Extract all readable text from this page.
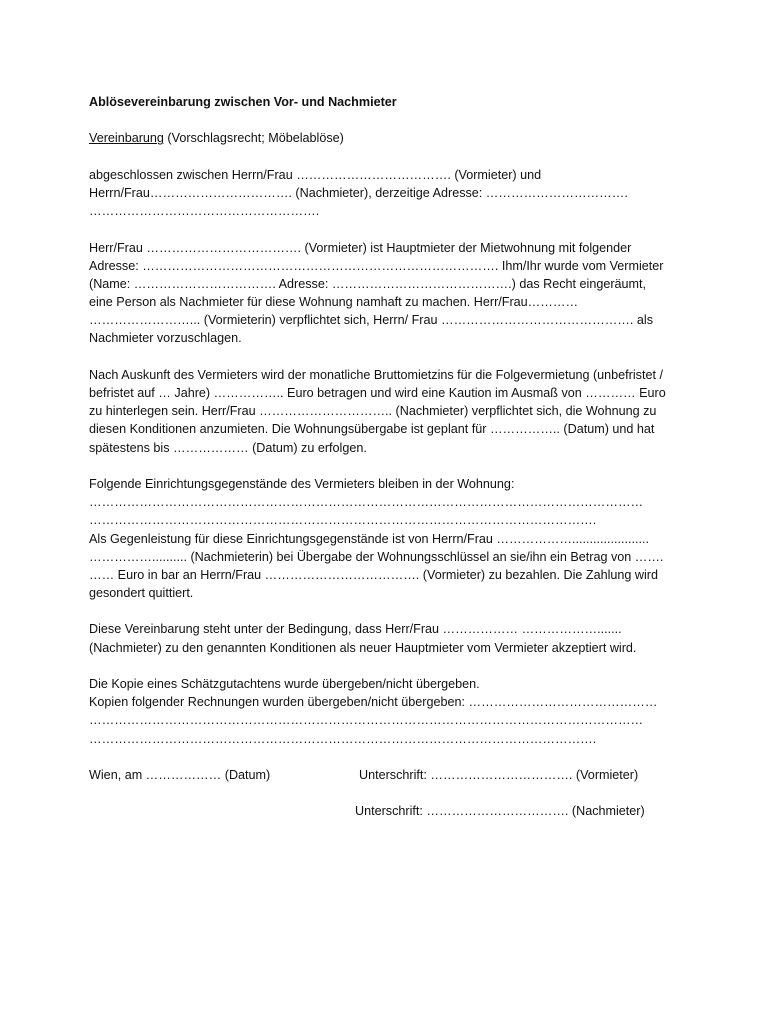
Ablösevereinbarung zwischen Vor- und Nachmieter
Vereinbarung (Vorschlagsrecht; Möbelablöse)
abgeschlossen zwischen Herrn/Frau ………………………………. (Vormieter) und
Herrn/Frau……………………………. (Nachmieter), derzeitige Adresse: …………………………….
……………………………………………….
Herr/Frau ………………………………. (Vormieter) ist Hauptmieter der Mietwohnung mit folgender
Adresse: …………………………………………………………………………. Ihm/Ihr wurde vom Vermieter
(Name: ……………………………. Adresse: …………………………………….) das Recht eingeräumt,
eine Person als Nachmieter für diese Wohnung namhaft zu machen. Herr/Frau…………
……………………... (Vormieterin) verpflichtet sich, Herrn/ Frau ………………………………………. als
Nachmieter vorzuschlagen.
Nach Auskunft des Vermieters wird der monatliche Bruttomietzins für die Folgevermietung (unbefristet /
befristet auf … Jahre) …………….. Euro betragen und wird eine Kaution im Ausmaß von ………… Euro
zu hinterlegen sein. Herr/Frau ………………………….. (Nachmieter) verpflichtet sich, die Wohnung zu
diesen Konditionen anzumieten. Die Wohnungsübergabe ist geplant für …………….. (Datum) und hat
spätestens bis ……………… (Datum) zu erfolgen.
Folgende Einrichtungsgegenstände des Vermieters bleiben in der Wohnung:
……………………………………………………………………………………………………………………
………………………………………………………………………………………………………….
Als Gegenleistung für diese Einrichtungsgegenstände ist von Herrn/Frau ………………......................
…………….......... (Nachmieterin) bei Übergabe der Wohnungsschlüssel an sie/ihn ein Betrag von …….
…… Euro in bar an Herrn/Frau ………………………………. (Vormieter) zu bezahlen. Die Zahlung wird
gesondert quittiert.
Diese Vereinbarung steht unter der Bedingung, dass Herr/Frau ……………… ……………….......
(Nachmieter) zu den genannten Konditionen als neuer Hauptmieter vom Vermieter akzeptiert wird.
Die Kopie eines Schätzgutachtens wurde übergeben/nicht übergeben.
Kopien folgender Rechnungen wurden übergeben/nicht übergeben: ………………………………………
……………………………………………………………………………………………………………………
………………………………………………………………………………………………………….
Wien, am ……………… (Datum)	Unterschrift: ……………………………. (Vormieter)
Unterschrift: ……………………………. (Nachmieter)
